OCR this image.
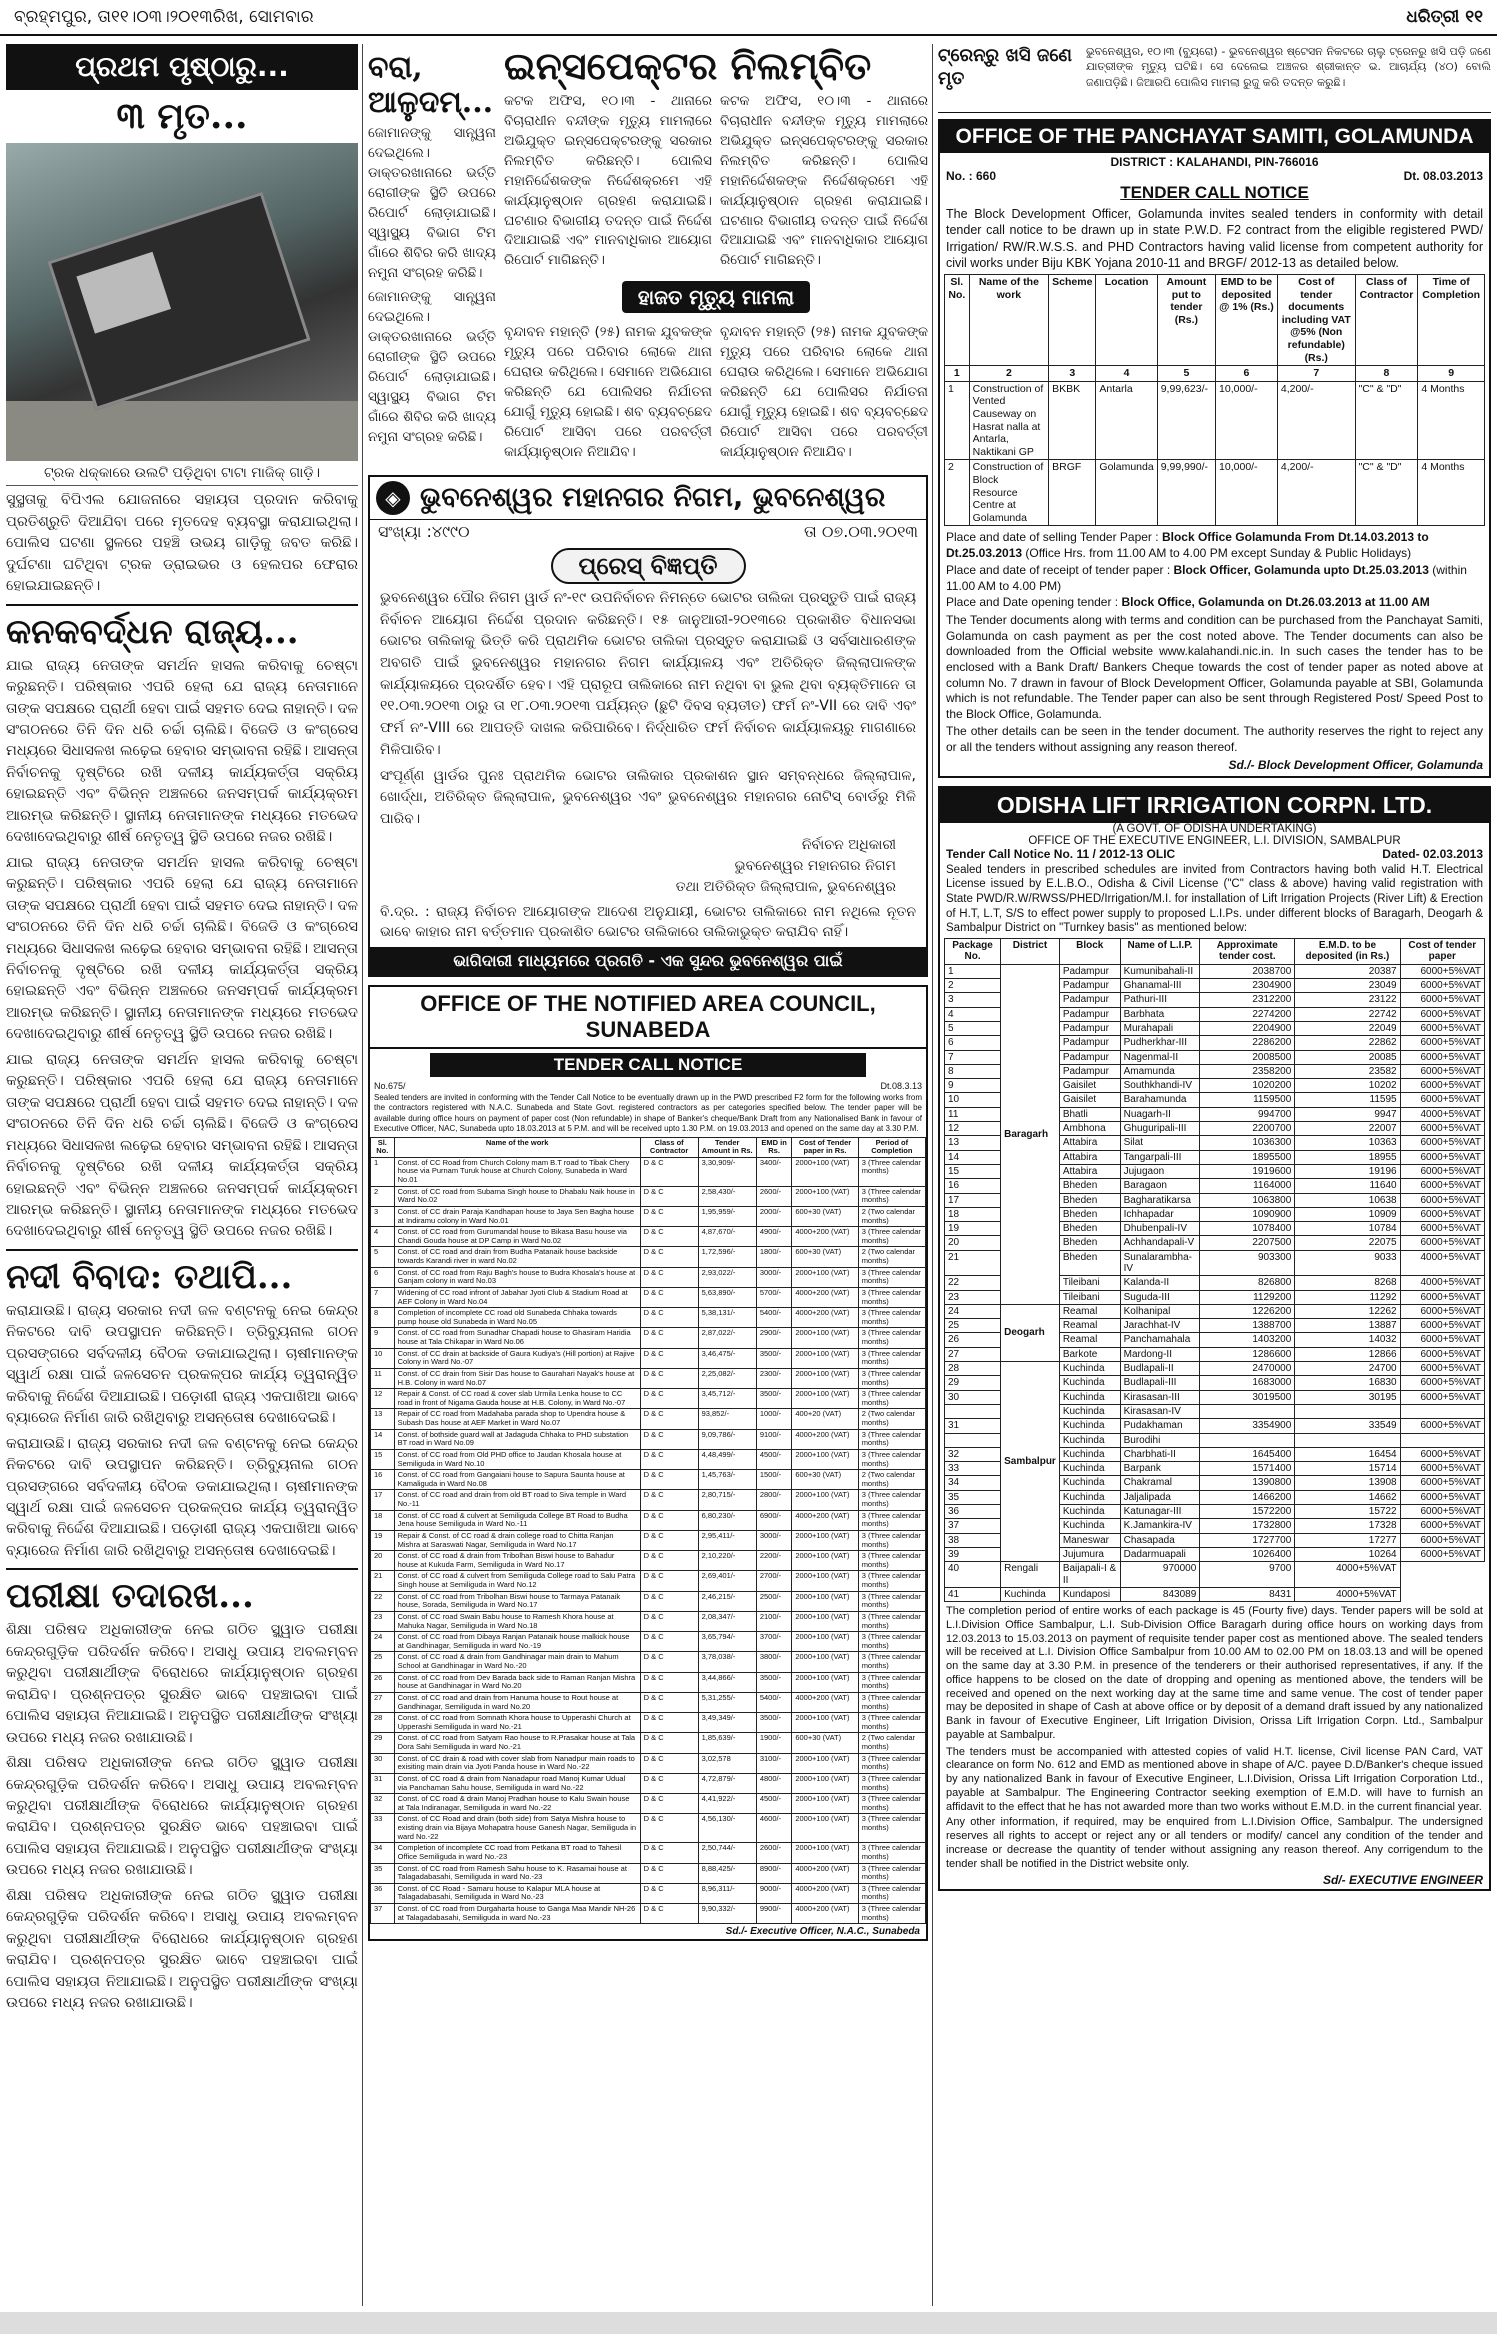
ବ୍ରହ୍ମପୁର, ତା୧୧।୦୩।୨୦୧୩ରିଖ, ସୋମବାର	ଧରିତ୍ରୀ ୧୧
ପ୍ରଥମ ପୃଷ୍ଠାରୁ...
୩ ମୃତ...
ଟ୍ରକ ଧକ୍କାରେ ଉଲଟି ପଡ଼ିଥିବା ଟାଟା ମାଜିକ୍ ଗାଡ଼ି।

ସୁସ୍ଥତାକୁ ବିପିଏଲ ଯୋଜନାରେ ସହାୟତା ପ୍ରଦାନ କରିବାକୁ ପ୍ରତିଶ୍ରୁତି ଦିଆଯିବା ପରେ ମୃତଦେହ ବ୍ୟବସ୍ଥା କରାଯାଇଥିଲା। ପୋଲିସ ଘଟଣା ସ୍ଥଳରେ ପହଞ୍ଚି ଉଭୟ ଗାଡ଼ିକୁ ଜବତ କରିଛି। ଦୁର୍ଘଟଣା ଘଟିଥିବା ଟ୍ରକ ଡ୍ରାଇଭର ଓ ହେଲପର ଫେରାର ହୋଇଯାଇଛନ୍ତି।

କନକବର୍ଦ୍ଧନ ରାଜ୍ୟ...

ଯାଇ ରାଜ୍ୟ ନେତାଙ୍କ ସମର୍ଥନ ହାସଲ କରିବାକୁ ଚେଷ୍ଟା କରୁଛନ୍ତି। ପରିଷ୍କାର ଏପରି ହେଲା ଯେ ରାଜ୍ୟ ନେତାମାନେ ତାଙ୍କ ସପକ୍ଷରେ ପ୍ରାର୍ଥୀ ହେବା ପାଇଁ ସହମତ ଦେଇ ନାହାନ୍ତି। ଦଳ ସଂଗଠନରେ ତିନି ଦିନ ଧରି ଚର୍ଚ୍ଚା ଚାଲିଛି। ବିଜେଡି ଓ କଂଗ୍ରେସ ମଧ୍ୟରେ ସିଧାସଳଖ ଲଢ଼େଇ ହେବାର ସମ୍ଭାବନା ରହିଛି। ଆସନ୍ତା ନିର୍ବାଚନକୁ ଦୃଷ୍ଟିରେ ରଖି ଦଳୀୟ କାର୍ଯ୍ୟକର୍ତ୍ତା ସକ୍ରିୟ ହୋଇଛନ୍ତି ଏବଂ ବିଭିନ୍ନ ଅଞ୍ଚଳରେ ଜନସମ୍ପର୍କ କାର୍ଯ୍ୟକ୍ରମ ଆରମ୍ଭ କରିଛନ୍ତି। ସ୍ଥାନୀୟ ନେତାମାନଙ୍କ ମଧ୍ୟରେ ମତଭେଦ ଦେଖାଦେଇଥିବାରୁ ଶୀର୍ଷ ନେତୃତ୍ୱ ସ୍ଥିତି ଉପରେ ନଜର ରଖିଛି।

ଯାଇ ରାଜ୍ୟ ନେତାଙ୍କ ସମର୍ଥନ ହାସଲ କରିବାକୁ ଚେଷ୍ଟା କରୁଛନ୍ତି। ପରିଷ୍କାର ଏପରି ହେଲା ଯେ ରାଜ୍ୟ ନେତାମାନେ ତାଙ୍କ ସପକ୍ଷରେ ପ୍ରାର୍ଥୀ ହେବା ପାଇଁ ସହମତ ଦେଇ ନାହାନ୍ତି। ଦଳ ସଂଗଠନରେ ତିନି ଦିନ ଧରି ଚର୍ଚ୍ଚା ଚାଲିଛି। ବିଜେଡି ଓ କଂଗ୍ରେସ ମଧ୍ୟରେ ସିଧାସଳଖ ଲଢ଼େଇ ହେବାର ସମ୍ଭାବନା ରହିଛି। ଆସନ୍ତା ନିର୍ବାଚନକୁ ଦୃଷ୍ଟିରେ ରଖି ଦଳୀୟ କାର୍ଯ୍ୟକର୍ତ୍ତା ସକ୍ରିୟ ହୋଇଛନ୍ତି ଏବଂ ବିଭିନ୍ନ ଅଞ୍ଚଳରେ ଜନସମ୍ପର୍କ କାର୍ଯ୍ୟକ୍ରମ ଆରମ୍ଭ କରିଛନ୍ତି। ସ୍ଥାନୀୟ ନେତାମାନଙ୍କ ମଧ୍ୟରେ ମତଭେଦ ଦେଖାଦେଇଥିବାରୁ ଶୀର୍ଷ ନେତୃତ୍ୱ ସ୍ଥିତି ଉପରେ ନଜର ରଖିଛି।

ଯାଇ ରାଜ୍ୟ ନେତାଙ୍କ ସମର୍ଥନ ହାସଲ କରିବାକୁ ଚେଷ୍ଟା କରୁଛନ୍ତି। ପରିଷ୍କାର ଏପରି ହେଲା ଯେ ରାଜ୍ୟ ନେତାମାନେ ତାଙ୍କ ସପକ୍ଷରେ ପ୍ରାର୍ଥୀ ହେବା ପାଇଁ ସହମତ ଦେଇ ନାହାନ୍ତି। ଦଳ ସଂଗଠନରେ ତିନି ଦିନ ଧରି ଚର୍ଚ୍ଚା ଚାଲିଛି। ବିଜେଡି ଓ କଂଗ୍ରେସ ମଧ୍ୟରେ ସିଧାସଳଖ ଲଢ଼େଇ ହେବାର ସମ୍ଭାବନା ରହିଛି। ଆସନ୍ତା ନିର୍ବାଚନକୁ ଦୃଷ୍ଟିରେ ରଖି ଦଳୀୟ କାର୍ଯ୍ୟକର୍ତ୍ତା ସକ୍ରିୟ ହୋଇଛନ୍ତି ଏବଂ ବିଭିନ୍ନ ଅଞ୍ଚଳରେ ଜନସମ୍ପର୍କ କାର୍ଯ୍ୟକ୍ରମ ଆରମ୍ଭ କରିଛନ୍ତି। ସ୍ଥାନୀୟ ନେତାମାନଙ୍କ ମଧ୍ୟରେ ମତଭେଦ ଦେଖାଦେଇଥିବାରୁ ଶୀର୍ଷ ନେତୃତ୍ୱ ସ୍ଥିତି ଉପରେ ନଜର ରଖିଛି।

ନଦୀ ବିବାଦ: ତଥାପି...

କରାଯାଉଛି। ରାଜ୍ୟ ସରକାର ନଦୀ ଜଳ ବଣ୍ଟନକୁ ନେଇ କେନ୍ଦ୍ର ନିକଟରେ ଦାବି ଉପସ୍ଥାପନ କରିଛନ୍ତି। ତ୍ରିବ୍ୟୁନାଲ ଗଠନ ପ୍ରସଙ୍ଗରେ ସର୍ବଦଳୀୟ ବୈଠକ ଡକାଯାଇଥିଲା। ଚାଷୀମାନଙ୍କ ସ୍ୱାର୍ଥ ରକ୍ଷା ପାଇଁ ଜଳସେଚନ ପ୍ରକଳ୍ପର କାର୍ଯ୍ୟ ତ୍ୱରାନ୍ୱିତ କରିବାକୁ ନିର୍ଦ୍ଦେଶ ଦିଆଯାଇଛି। ପଡ଼ୋଶୀ ରାଜ୍ୟ ଏକପାଖିଆ ଭାବେ ବ୍ୟାରେଜ ନିର୍ମାଣ ଜାରି ରଖିଥିବାରୁ ଅସନ୍ତୋଷ ଦେଖାଦେଇଛି।

କରାଯାଉଛି। ରାଜ୍ୟ ସରକାର ନଦୀ ଜଳ ବଣ୍ଟନକୁ ନେଇ କେନ୍ଦ୍ର ନିକଟରେ ଦାବି ଉପସ୍ଥାପନ କରିଛନ୍ତି। ତ୍ରିବ୍ୟୁନାଲ ଗଠନ ପ୍ରସଙ୍ଗରେ ସର୍ବଦଳୀୟ ବୈଠକ ଡକାଯାଇଥିଲା। ଚାଷୀମାନଙ୍କ ସ୍ୱାର୍ଥ ରକ୍ଷା ପାଇଁ ଜଳସେଚନ ପ୍ରକଳ୍ପର କାର୍ଯ୍ୟ ତ୍ୱରାନ୍ୱିତ କରିବାକୁ ନିର୍ଦ୍ଦେଶ ଦିଆଯାଇଛି। ପଡ଼ୋଶୀ ରାଜ୍ୟ ଏକପାଖିଆ ଭାବେ ବ୍ୟାରେଜ ନିର୍ମାଣ ଜାରି ରଖିଥିବାରୁ ଅସନ୍ତୋଷ ଦେଖାଦେଇଛି।

ପରୀକ୍ଷା ତଦାରଖ...

ଶିକ୍ଷା ପରିଷଦ ଅଧିକାରୀଙ୍କ ନେଇ ଗଠିତ ସ୍କ୍ୱାଡ ପରୀକ୍ଷା କେନ୍ଦ୍ରଗୁଡ଼ିକ ପରିଦର୍ଶନ କରିବେ। ଅସାଧୁ ଉପାୟ ଅବଲମ୍ବନ କରୁଥିବା ପରୀକ୍ଷାର୍ଥୀଙ୍କ ବିରୋଧରେ କାର୍ଯ୍ୟାନୁଷ୍ଠାନ ଗ୍ରହଣ କରାଯିବ। ପ୍ରଶ୍ନପତ୍ର ସୁରକ୍ଷିତ ଭାବେ ପହଞ୍ଚାଇବା ପାଇଁ ପୋଲିସ ସହାୟତା ନିଆଯାଇଛି। ଅନୁପସ୍ଥିତ ପରୀକ୍ଷାର୍ଥୀଙ୍କ ସଂଖ୍ୟା ଉପରେ ମଧ୍ୟ ନଜର ରଖାଯାଉଛି।

ଶିକ୍ଷା ପରିଷଦ ଅଧିକାରୀଙ୍କ ନେଇ ଗଠିତ ସ୍କ୍ୱାଡ ପରୀକ୍ଷା କେନ୍ଦ୍ରଗୁଡ଼ିକ ପରିଦର୍ଶନ କରିବେ। ଅସାଧୁ ଉପାୟ ଅବଲମ୍ବନ କରୁଥିବା ପରୀକ୍ଷାର୍ଥୀଙ୍କ ବିରୋଧରେ କାର୍ଯ୍ୟାନୁଷ୍ଠାନ ଗ୍ରହଣ କରାଯିବ। ପ୍ରଶ୍ନପତ୍ର ସୁରକ୍ଷିତ ଭାବେ ପହଞ୍ଚାଇବା ପାଇଁ ପୋଲିସ ସହାୟତା ନିଆଯାଇଛି। ଅନୁପସ୍ଥିତ ପରୀକ୍ଷାର୍ଥୀଙ୍କ ସଂଖ୍ୟା ଉପରେ ମଧ୍ୟ ନଜର ରଖାଯାଉଛି।

ଶିକ୍ଷା ପରିଷଦ ଅଧିକାରୀଙ୍କ ନେଇ ଗଠିତ ସ୍କ୍ୱାଡ ପରୀକ୍ଷା କେନ୍ଦ୍ରଗୁଡ଼ିକ ପରିଦର୍ଶନ କରିବେ। ଅସାଧୁ ଉପାୟ ଅବଲମ୍ବନ କରୁଥିବା ପରୀକ୍ଷାର୍ଥୀଙ୍କ ବିରୋଧରେ କାର୍ଯ୍ୟାନୁଷ୍ଠାନ ଗ୍ରହଣ କରାଯିବ। ପ୍ରଶ୍ନପତ୍ର ସୁରକ୍ଷିତ ଭାବେ ପହଞ୍ଚାଇବା ପାଇଁ ପୋଲିସ ସହାୟତା ନିଆଯାଇଛି। ଅନୁପସ୍ଥିତ ପରୀକ୍ଷାର୍ଥୀଙ୍କ ସଂଖ୍ୟା ଉପରେ ମଧ୍ୟ ନଜର ରଖାଯାଉଛି।

ବରା, ଆଳୁଦମ୍...

ଜୋମାନଙ୍କୁ ସାନ୍ତ୍ୱନା ଦେଇଥିଲେ। ଡାକ୍ତରଖାନାରେ ଭର୍ତ୍ତି ରୋଗୀଙ୍କ ସ୍ଥିତି ଉପରେ ରିପୋର୍ଟ ଲୋଡ଼ାଯାଇଛି। ସ୍ୱାସ୍ଥ୍ୟ ବିଭାଗ ଟିମ ଗାଁରେ ଶିବିର କରି ଖାଦ୍ୟ ନମୁନା ସଂଗ୍ରହ କରିଛି।

ଜୋମାନଙ୍କୁ ସାନ୍ତ୍ୱନା ଦେଇଥିଲେ। ଡାକ୍ତରଖାନାରେ ଭର୍ତ୍ତି ରୋଗୀଙ୍କ ସ୍ଥିତି ଉପରେ ରିପୋର୍ଟ ଲୋଡ଼ାଯାଇଛି। ସ୍ୱାସ୍ଥ୍ୟ ବିଭାଗ ଟିମ ଗାଁରେ ଶିବିର କରି ଖାଦ୍ୟ ନମୁନା ସଂଗ୍ରହ କରିଛି।

ଇନ୍ସପେକ୍ଟର ନିଲମ୍ବିତ

କଟକ ଅଫିସ, ୧୦।୩ - ଥାନାରେ ବିଚାରାଧୀନ ବନ୍ଦୀଙ୍କ ମୃତ୍ୟୁ ମାମଲାରେ ଅଭିଯୁକ୍ତ ଇନ୍ସପେକ୍ଟରଙ୍କୁ ସରକାର ନିଲମ୍ବିତ କରିଛନ୍ତି। ପୋଲିସ ମହାନିର୍ଦ୍ଦେଶକଙ୍କ ନିର୍ଦ୍ଦେଶକ୍ରମେ ଏହି କାର୍ଯ୍ୟାନୁଷ୍ଠାନ ଗ୍ରହଣ କରାଯାଇଛି। ଘଟଣାର ବିଭାଗୀୟ ତଦନ୍ତ ପାଇଁ ନିର୍ଦ୍ଦେଶ ଦିଆଯାଇଛି ଏବଂ ମାନବାଧିକାର ଆୟୋଗ ରିପୋର୍ଟ ମାଗିଛନ୍ତି।

କଟକ ଅଫିସ, ୧୦।୩ - ଥାନାରେ ବିଚାରାଧୀନ ବନ୍ଦୀଙ୍କ ମୃତ୍ୟୁ ମାମଲାରେ ଅଭିଯୁକ୍ତ ଇନ୍ସପେକ୍ଟରଙ୍କୁ ସରକାର ନିଲମ୍ବିତ କରିଛନ୍ତି। ପୋଲିସ ମହାନିର୍ଦ୍ଦେଶକଙ୍କ ନିର୍ଦ୍ଦେଶକ୍ରମେ ଏହି କାର୍ଯ୍ୟାନୁଷ୍ଠାନ ଗ୍ରହଣ କରାଯାଇଛି। ଘଟଣାର ବିଭାଗୀୟ ତଦନ୍ତ ପାଇଁ ନିର୍ଦ୍ଦେଶ ଦିଆଯାଇଛି ଏବଂ ମାନବାଧିକାର ଆୟୋଗ ରିପୋର୍ଟ ମାଗିଛନ୍ତି।

ହାଜତ ମୃତ୍ୟୁ ମାମଲା

ବୃନ୍ଦାବନ ମହାନ୍ତି (୨୫) ନାମକ ଯୁବକଙ୍କ ମୃତ୍ୟୁ ପରେ ପରିବାର ଲୋକେ ଥାନା ଘେରାଉ କରିଥିଲେ। ସେମାନେ ଅଭିଯୋଗ କରିଛନ୍ତି ଯେ ପୋଲିସର ନିର୍ଯାତନା ଯୋଗୁଁ ମୃତ୍ୟୁ ହୋଇଛି। ଶବ ବ୍ୟବଚ୍ଛେଦ ରିପୋର୍ଟ ଆସିବା ପରେ ପରବର୍ତ୍ତୀ କାର୍ଯ୍ୟାନୁଷ୍ଠାନ ନିଆଯିବ।

ବୃନ୍ଦାବନ ମହାନ୍ତି (୨୫) ନାମକ ଯୁବକଙ୍କ ମୃତ୍ୟୁ ପରେ ପରିବାର ଲୋକେ ଥାନା ଘେରାଉ କରିଥିଲେ। ସେମାନେ ଅଭିଯୋଗ କରିଛନ୍ତି ଯେ ପୋଲିସର ନିର୍ଯାତନା ଯୋଗୁଁ ମୃତ୍ୟୁ ହୋଇଛି। ଶବ ବ୍ୟବଚ୍ଛେଦ ରିପୋର୍ଟ ଆସିବା ପରେ ପରବର୍ତ୍ତୀ କାର୍ଯ୍ୟାନୁଷ୍ଠାନ ନିଆଯିବ।

◈ ଭୁବନେଶ୍ୱର ମହାନଗର ନିଗମ, ଭୁବନେଶ୍ୱର
ସଂଖ୍ୟା :୪୯୯୦	ତା ୦୭.୦୩.୨୦୧୩
ପ୍ରେସ୍ ବିଜ୍ଞପ୍ତି

ଭୁବନେଶ୍ୱର ପୌର ନିଗମ ୱାର୍ଡ ନଂ-୧୯ ଉପନିର୍ବାଚନ ନିମନ୍ତେ ଭୋଟର ତାଲିକା ପ୍ରସ୍ତୁତି ପାଇଁ ରାଜ୍ୟ ନିର୍ବାଚନ ଆୟୋଗ ନିର୍ଦ୍ଦେଶ ପ୍ରଦାନ କରିଛନ୍ତି। ୧୫ ଜାନୁଆରୀ-୨୦୧୩ରେ ପ୍ରକାଶିତ ବିଧାନସଭା ଭୋଟର ତାଲିକାକୁ ଭିତ୍ତି କରି ପ୍ରାଥମିକ ଭୋଟର ତାଲିକା ପ୍ରସ୍ତୁତ କରାଯାଇଛି ଓ ସର୍ବସାଧାରଣଙ୍କ ଅବଗତି ପାଇଁ ଭୁବନେଶ୍ୱର ମହାନଗର ନିଗମ କାର୍ଯ୍ୟାଳୟ ଏବଂ ଅତିରିକ୍ତ ଜିଲ୍ଲାପାଳଙ୍କ କାର୍ଯ୍ୟାଳୟରେ ପ୍ରଦର୍ଶିତ ହେବ। ଏହି ପ୍ରାରୂପ ତାଲିକାରେ ନାମ ନଥିବା ବା ଭୁଲ ଥିବା ବ୍ୟକ୍ତିମାନେ ତା ୧୧.୦୩.୨୦୧୩ ଠାରୁ ତା ୧୮.୦୩.୨୦୧୩ ପର୍ଯ୍ୟନ୍ତ (ଛୁଟି ଦିବସ ବ୍ୟତୀତ) ଫର୍ମ ନଂ-VII ରେ ଦାବି ଏବଂ ଫର୍ମ ନଂ-VIII ରେ ଆପତ୍ତି ଦାଖଲ କରିପାରିବେ। ନିର୍ଦ୍ଧାରିତ ଫର୍ମ ନିର୍ବାଚନ କାର୍ଯ୍ୟାଳୟରୁ ମାଗଣାରେ ମିଳିପାରିବ।

ସଂପୂର୍ଣ୍ଣ ୱାର୍ଡର ପୁନଃ ପ୍ରାଥମିକ ଭୋଟର ତାଲିକାର ପ୍ରକାଶନ ସ୍ଥାନ ସମ୍ବନ୍ଧରେ ଜିଲ୍ଲାପାଳ, ଖୋର୍ଦ୍ଧା, ଅତିରିକ୍ତ ଜିଲ୍ଲାପାଳ, ଭୁବନେଶ୍ୱର ଏବଂ ଭୁବନେଶ୍ୱର ମହାନଗର ନୋଟିସ୍ ବୋର୍ଡରୁ ମିଳି ପାରିବ।

ନିର୍ବାଚନ ଅଧିକାରୀ
ଭୁବନେଶ୍ୱର ମହାନଗର ନିଗମ
ତଥା ଅତିରିକ୍ତ ଜିଲ୍ଲାପାଳ, ଭୁବନେଶ୍ୱର

ବି.ଦ୍ର. : ରାଜ୍ୟ ନିର୍ବାଚନ ଆୟୋଗଙ୍କ ଆଦେଶ ଅନୁଯାୟୀ, ଭୋଟର ତାଲିକାରେ ନାମ ନଥିଲେ ନୂତନ ଭାବେ କାହାର ନାମ ବର୍ତ୍ତମାନ ପ୍ରକାଶିତ ଭୋଟର ତାଲିକାରେ ତାଲିକାଭୁକ୍ତ କରାଯିବ ନାହିଁ।

ଭାଗିଦାରୀ ମାଧ୍ୟମରେ ପ୍ରଗତି - ଏକ ସୁନ୍ଦର ଭୁବନେଶ୍ୱର ପାଇଁ
OFFICE OF THE NOTIFIED AREA COUNCIL, SUNABEDA
TENDER CALL NOTICE
No.675/	Dt.08.3.13

Sealed tenders are invited in conforming with the Tender Call Notice to be eventually drawn up in the PWD prescribed F2 form for the following works from the contractors registered with N.A.C. Sunabeda and State Govt. registered contractors as per categories specified below. The tender paper will be available during office hours on payment of paper cost (Non refundable) in shape of Banker's cheque/Bank Draft from any Nationalised Bank in favour of Executive Officer, NAC, Sunabeda upto 18.03.2013 at 5 P.M. and will be received upto 1.30 P.M. on 19.03.2013 and opened on the same day at 3.30 P.M.

Sl. No.	Name of the work	Class of Contractor	Tender Amount in Rs.	EMD in Rs.	Cost of Tender paper in Rs.	Period of Completion
1	Const. of CC Road from Church Colony mam B.T road to Tibak Chery house via Purnam Turuk house at Church Colony, Sunabeda in Ward No.01	D & C	3,30,909/-	3400/-	2000+100 (VAT)	3 (Three calendar months)
2	Const. of CC road from Subarna Singh house to Dhabalu Naik house in Ward No.02	D & C	2,58,430/-	2600/-	2000+100 (VAT)	3 (Three calendar months)
3	Const. of CC drain Paraja Kandhapan house to Jaya Sen Bagha house at Indiramu colony in Ward No.01	D & C	1,95,959/-	2000/-	600+30 (VAT)	2 (Two calendar months)
4	Const. of CC road from Gurumandal house to Bikasa Basu house via Chandi Gouda house at DP Camp in Ward No.02	D & C	4,87,670/-	4900/-	4000+200 (VAT)	3 (Three calendar months)
5	Const. of CC road and drain from Budha Patanaik house backside towards Karandi river in ward No.02	D & C	1,72,596/-	1800/-	600+30 (VAT)	2 (Two calendar months)
6	Const. of CC road from Raju Bagh's house to Budra Khosala's house at Ganjam colony in ward No.03	D & C	2,93,022/-	3000/-	2000+100 (VAT)	3 (Three calendar months)
7	Widening of CC road infront of Jabahar Jyoti Club & Stadium Road at AEF Colony in Ward No.04	D & C	5,63,890/-	5700/-	4000+200 (VAT)	3 (Three calendar months)
8	Completion of incomplete CC road old Sunabeda Chhaka towards pump house old Sunabeda in Ward No.05	D & C	5,38,131/-	5400/-	4000+200 (VAT)	3 (Three calendar months)
9	Const. of CC road from Sunadhar Chapadi house to Ghasiram Haridia house at Tala Chikapar in Ward No.06	D & C	2,87,022/-	2900/-	2000+100 (VAT)	3 (Three calendar months)
10	Const. of CC drain at backside of Gaura Kudiya's (Hill portion) at Rajive Colony in Ward No.-07	D & C	3,46,475/-	3500/-	2000+100 (VAT)	3 (Three calendar months)
11	Const. of CC drain from Sisir Das house to Gaurahari Nayak's house at H.B. Colony in ward No.07	D & C	2,25,082/-	2300/-	2000+100 (VAT)	3 (Three calendar months)
12	Repair & Const. of CC road & cover slab Urmila Lenka house to CC road in front of Nigama Gauda house at H.B. Colony, in Ward No.-07	D & C	3,45,712/-	3500/-	2000+100 (VAT)	3 (Three calendar months)
13	Repair of CC road from Madahaba parada shop to Upendra house & Subash Das house at AEF Market in Ward No.07	D & C	93,852/-	1000/-	400+20 (VAT)	2 (Two calendar months)
14	Const. of bothside guard wall at Jadaguda Chhaka to PHD substation BT road in Ward No.09	D & C	9,09,786/-	9100/-	4000+200 (VAT)	3 (Three calendar months)
15	Const. of CC road from Old PHD office to Jaudan Khosala house at Semiliguda in Ward No.10	D & C	4,48,499/-	4500/-	2000+100 (VAT)	3 (Three calendar months)
16	Const. of CC road from Gangaiani house to Sapura Saunta house at Kamaliguda in Ward No.08	D & C	1,45,763/-	1500/-	600+30 (VAT)	2 (Two calendar months)
17	Const. of CC road and drain from old BT road to Siva temple in Ward No.-11	D & C	2,80,715/-	2800/-	2000+100 (VAT)	3 (Three calendar months)
18	Const. of CC road & culvert at Semiliguda College BT Road to Budha Jena house Semiliguda in Ward No.-11	D & C	6,80,230/-	6900/-	4000+200 (VAT)	3 (Three calendar months)
19	Repair & Const. of CC road & drain college road to Chitta Ranjan Mishra at Saraswati Nagar, Semiliguda in Ward No.17	D & C	2,95,411/-	3000/-	2000+100 (VAT)	3 (Three calendar months)
20	Const. of CC road & drain from Tribolhan Biswi house to Bahadur house at Kukuda Farm, Semiliguda in Ward No.17	D & C	2,10,220/-	2200/-	2000+100 (VAT)	3 (Three calendar months)
21	Const. of CC road & culvert from Semiliguda College road to Salu Patra Singh house at Semiliguda in Ward No.12	D & C	2,69,401/-	2700/-	2000+100 (VAT)	3 (Three calendar months)
22	Const. of CC road from Tribolhan Biswi house to Tarmaya Patanaik house, Sorada, Semiliguda in Ward No.17	D & C	2,46,215/-	2500/-	2000+100 (VAT)	3 (Three calendar months)
23	Const. of CC road Swain Babu house to Ramesh Khora house at Mahuka Nagar, Semiliguda in Ward No.18	D & C	2,08,347/-	2100/-	2000+100 (VAT)	3 (Three calendar months)
24	Const. of CC road from Dibaya Ranjan Patanaik house malkick house at Gandhinagar, Semiliguda in ward No.-19	D & C	3,65,794/-	3700/-	2000+100 (VAT)	3 (Three calendar months)
25	Const. of CC road & drain from Gandhinagar main drain to Mahum School at Gandhinagar in Ward No.-20	D & C	3,78,038/-	3800/-	2000+100 (VAT)	3 (Three calendar months)
26	Const. of CC road from Dev Barada back side to Raman Ranjan Mishra house at Gandhinagar in Ward No.20	D & C	3,44,866/-	3500/-	2000+100 (VAT)	3 (Three calendar months)
27	Const. of CC road and drain from Hanuma house to Rout house at Gandhinagar, Semiliguda in ward No.20	D & C	5,31,255/-	5400/-	4000+200 (VAT)	3 (Three calendar months)
28	Const. of CC road from Somnath Khora house to Upperashi Church at Upperashi Semiliguda in ward No.-21	D & C	3,49,349/-	3500/-	2000+100 (VAT)	3 (Three calendar months)
29	Const. of CC road from Satyam Rao house to R.Prasakar house at Tala Dora Sahi Semiliguda in ward No.-21	D & C	1,85,639/-	1900/-	600+30 (VAT)	2 (Two calendar months)
30	Const. of CC drain & road with cover slab from Nanadpur main roads to exisiting main drain via Jyoti Panda house in Ward No.-22	D & C	3,02,578	3100/-	2000+100 (VAT)	3 (Three calendar months)
31	Const. of CC road & drain from Nanadapur road Manoj Kumar Udual via Panchaman Sahu house, Semiliguda in ward No.-22	D & C	4,72,879/-	4800/-	2000+100 (VAT)	3 (Three calendar months)
32	Const. of CC road & drain Manoj Pradhan house to Kalu Swain house at Tala Indiranagar, Semiliguda in ward No.-22	D & C	4,41,922/-	4500/-	2000+100 (VAT)	3 (Three calendar months)
33	Const. of CC Road and drain (both side) from Satya Mishra house to existing drain via Bijaya Mohapatra house Ganesh Nagar, Semiliguda in ward No.-22	D & C	4,56,130/-	4600/-	2000+100 (VAT)	3 (Three calendar months)
34	Completion of incomplete CC road from Petkana BT road to Tahesil Office Semiliguda in ward No.-23	D & C	2,50,744/-	2600/-	2000+100 (VAT)	3 (Three calendar months)
35	Const. of CC road from Ramesh Sahu house to K. Rasamai house at Talagadabasahi, Semiliguda in ward No.-23	D & C	8,88,425/-	8900/-	4000+200 (VAT)	3 (Three calendar months)
36	Const. of CC Road - Samaru house to Kalapur MLA house at Talagadabasahi, Semiliguda in Ward No.-23	D & C	8,96,311/-	9000/-	4000+200 (VAT)	3 (Three calendar months)
37	Const. of CC road from Durgaharta house to Ganga Maa Mandir NH-26 at Talagadabasahi, Semiliguda in ward No.-23	D & C	9,90,332/-	9900/-	4000+200 (VAT)	3 (Three calendar months)
Sd./- Executive Officer, N.A.C., Sunabeda
ଟ୍ରେନ୍‌ରୁ ଖସି ଜଣେ ମୃତ

ଭୁବନେଶ୍ୱର, ୧୦।୩ (ବ୍ୟୁରୋ) - ଭୁବନେଶ୍ୱର ଷ୍ଟେସନ ନିକଟରେ ଚାଲୁ ଟ୍ରେନରୁ ଖସି ପଡ଼ି ଜଣେ ଯାତ୍ରୀଙ୍କ ମୃତ୍ୟୁ ଘଟିଛି। ସେ ଦେଲେଇ ଅଞ୍ଚଳର ଶ୍ରୀକାନ୍ତ ଭ. ଆଚାର୍ଯ୍ୟ (୪୦) ବୋଲି ଜଣାପଡ଼ିଛି। ଜିଆରପି ପୋଲିସ ମାମଲା ରୁଜୁ କରି ତଦନ୍ତ କରୁଛି।

OFFICE OF THE PANCHAYAT SAMITI, GOLAMUNDA
DISTRICT : KALAHANDI, PIN-766016
No. : 660	Dt. 08.03.2013
TENDER CALL NOTICE

The Block Development Officer, Golamunda invites sealed tenders in conformity with detail tender call notice to be drawn up in state P.W.D. F2 contract from the eligible registered PWD/ Irrigation/ RW/R.W.S.S. and PHD Contractors having valid license from competent authority for civil works under Biju KBK Yojana 2010-11 and BRGF/ 2012-13 as detailed below.

Sl. No.	Name of the work	Scheme	Location	Amount put to tender (Rs.)	EMD to be deposited @ 1% (Rs.)	Cost of tender documents including VAT @5% (Non refundable) (Rs.)	Class of Contractor	Time of Completion
1	2	3	4	5	6	7	8	9
1	Construction of Vented Causeway on Hasrat nalla at Antarla, Naktikani GP	BKBK	Antarla	9,99,623/-	10,000/-	4,200/-	"C" & "D"	4 Months
2	Construction of Block Resource Centre at Golamunda	BRGF	Golamunda	9,99,990/-	10,000/-	4,200/-	"C" & "D"	4 Months
Place and date of selling Tender Paper : Block Office Golamunda From Dt.14.03.2013 to Dt.25.03.2013 (Office Hrs. from 11.00 AM to 4.00 PM except Sunday & Public Holidays)
Place and date of receipt of tender paper : Block Officer, Golamunda upto Dt.25.03.2013 (within 11.00 AM to 4.00 PM)
Place and Date opening tender : Block Office, Golamunda on Dt.26.03.2013 at 11.00 AM

The Tender documents along with terms and condition can be purchased from the Panchayat Samiti, Golamunda on cash payment as per the cost noted above. The Tender documents can also be downloaded from the Official website www.kalahandi.nic.in. In such cases the tender has to be enclosed with a Bank Draft/ Bankers Cheque towards the cost of tender paper as noted above at column No. 7 drawn in favour of Block Development Officer, Golamunda payable at SBI, Golamunda which is not refundable. The Tender paper can also be sent through Registered Post/ Speed Post to the Block Office, Golamunda.

The other details can be seen in the tender document. The authority reserves the right to reject any or all the tenders without assigning any reason thereof.

Sd./- Block Development Officer, Golamunda
ODISHA LIFT IRRIGATION CORPN. LTD.
(A GOVT. OF ODISHA UNDERTAKING)
OFFICE OF THE EXECUTIVE ENGINEER, L.I. DIVISION, SAMBALPUR
Tender Call Notice No. 11 / 2012-13 OLIC	Dated- 02.03.2013

Sealed tenders in prescribed schedules are invited from Contractors having both valid H.T. Electrical License issued by E.L.B.O., Odisha & Civil License ("C" class & above) having valid registration with State PWD/R.W/RWSS/PHED/Irrigation/M.I. for installation of Lift Irrigation Projects (River Lift) & Erection of H.T, L.T, S/S to effect power supply to proposed L.I.Ps. under different blocks of Baragarh, Deogarh & Sambalpur District on "Turnkey basis" as mentioned below:

Package No.	District	Block	Name of L.I.P.	Approximate tender cost.	E.M.D. to be deposited (in Rs.)	Cost of tender paper
1	Baragarh	Padampur	Kumunibahali-II	2038700	20387	6000+5%VAT
2		Padampur	Ghanamal-III	2304900	23049	6000+5%VAT
3		Padampur	Pathuri-III	2312200	23122	6000+5%VAT
4		Padampur	Barbhata	2274200	22742	6000+5%VAT
5		Padampur	Murahapali	2204900	22049	6000+5%VAT
6		Padampur	Pudherkhar-III	2286200	22862	6000+5%VAT
7		Padampur	Nagenmal-II	2008500	20085	6000+5%VAT
8		Padampur	Amamunda	2358200	23582	6000+5%VAT
9		Gaisilet	Southkhandi-IV	1020200	10202	6000+5%VAT
10		Gaisilet	Barahamunda	1159500	11595	6000+5%VAT
11		Bhatli	Nuagarh-II	994700	9947	4000+5%VAT
12		Ambhona	Ghuguripali-III	2200700	22007	6000+5%VAT
13		Attabira	Silat	1036300	10363	6000+5%VAT
14		Attabira	Tangarpali-III	1895500	18955	6000+5%VAT
15		Attabira	Jujugaon	1919600	19196	6000+5%VAT
16		Bheden	Baragaon	1164000	11640	6000+5%VAT
17		Bheden	Bagharatikarsa	1063800	10638	6000+5%VAT
18		Bheden	Ichhapadar	1090900	10909	6000+5%VAT
19		Bheden	Dhubenpali-IV	1078400	10784	6000+5%VAT
20		Bheden	Achhandapali-V	2207500	22075	6000+5%VAT
21		Bheden	Sunalarambha-IV	903300	9033	4000+5%VAT
22		Tileibani	Kalanda-II	826800	8268	4000+5%VAT
23		Tileibani	Suguda-III	1129200	11292	6000+5%VAT
24	Deogarh	Reamal	Kolhanipal	1226200	12262	6000+5%VAT
25		Reamal	Jarachhat-IV	1388700	13887	6000+5%VAT
26		Reamal	Panchamahala	1403200	14032	6000+5%VAT
27		Barkote	Mardong-II	1286600	12866	6000+5%VAT
28	Sambalpur	Kuchinda	Budlapali-II	2470000	24700	6000+5%VAT
29		Kuchinda	Budlapali-III	1683000	16830	6000+5%VAT
30		Kuchinda	Kirasasan-III	3019500	30195	6000+5%VAT
		Kuchinda	Kirasasan-IV			
31		Kuchinda	Pudakhaman	3354900	33549	6000+5%VAT
		Kuchinda	Burodihi			
32		Kuchinda	Charbhati-II	1645400	16454	6000+5%VAT
33		Kuchinda	Barpank	1571400	15714	6000+5%VAT
34		Kuchinda	Chakramal	1390800	13908	6000+5%VAT
35		Kuchinda	Jaljalipada	1466200	14662	6000+5%VAT
36		Kuchinda	Katunagar-III	1572200	15722	6000+5%VAT
37		Kuchinda	K.Jamankira-IV	1732800	17328	6000+5%VAT
38		Maneswar	Chasapada	1727700	17277	6000+5%VAT
39		Jujumura	Dadarmuapali	1026400	10264	6000+5%VAT
40	Rengali	Baijapali-I & II	970000	9700	4000+5%VAT	
41	Kuchinda	Kundaposi	843089	8431	4000+5%VAT	

The completion period of entire works of each package is 45 (Fourty five) days. Tender papers will be sold at L.I.Division Office Sambalpur, L.I. Sub-Division Office Baragarh during office hours on working days from 12.03.2013 to 15.03.2013 on payment of requisite tender paper cost as mentioned above. The sealed tenders will be received at L.I. Division Office Sambalpur from 10.00 AM to 02.00 PM on 18.03.13 and will be opened on the same day at 3.30 P.M. in presence of the tenderers or their authorised representatives, if any. If the office happens to be closed on the date of dropping and opening as mentioned above, the tenders will be received and opened on the next working day at the same time and same venue. The cost of tender paper may be deposited in shape of Cash at above office or by deposit of a demand draft issued by any nationalized Bank in favour of Executive Engineer, Lift Irrigation Division, Orissa Lift Irrigation Corpn. Ltd., Sambalpur payable at Sambalpur.

The tenders must be accompanied with attested copies of valid H.T. license, Civil license PAN Card, VAT clearance on form No. 612 and EMD as mentioned above in shape of A/C. payee D.D/Banker's cheque issued by any nationalized Bank in favour of Executive Engineer, L.I.Division, Orissa Lift Irrigation Corporation Ltd., payable at Sambalpur. The Engineering Contractor seeking exemption of E.M.D. will have to furnish an affidavit to the effect that he has not awarded more than two works without E.M.D. in the current financial year.

Any other information, if required, may be enquired from L.I.Division Office, Sambalpur. The undersigned reserves all rights to accept or reject any or all tenders or modify/ cancel any condition of the tender and increase or decrease the quantity of tender without assigning any reason thereof. Any corrigendum to the tender shall be notified in the District website only.

Sd/- EXECUTIVE ENGINEER
